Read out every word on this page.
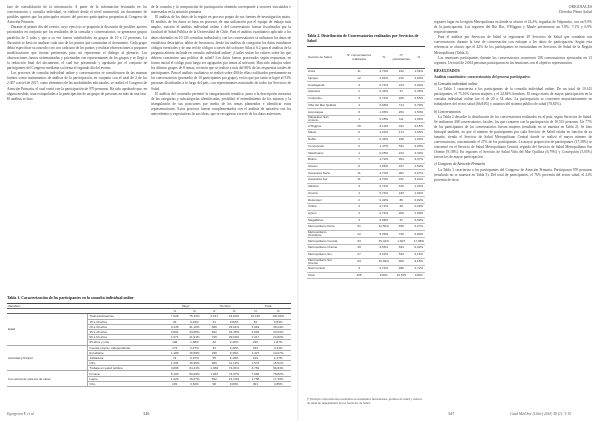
fase de consolidación de la información. A partir de la información levantada en los conversatorios y consulta individual, se elaboró desde el nivel ministerial, un documento de posibles aportes que los principales actores del proceso participativo proponían al Congreso de Atención Primaria.

Durante el primer día del evento, cuyo ejercicio se proponía la discusión de posibles aportes priorizados en conjunto por los resultados de la consulta y conversatorios, se generaron grupos paralelos de 5 salas y que a su vez fueron subdivididos en grupos de 10 a 12 personas. La discusión se basó en analizar cada uno de los puntos que constituían el documento. Cada grupo debía especificar su acuerdo o no con cada uno de los puntos y realizar observaciones o proponer modificaciones que fueran pertinentes para así representar el diálogo al plenario. Las observaciones fueron sistematizadas y priorizadas con representantes de los grupos y se llegó a la redacción final del documento, el cual fue presentado y aprobado por el conjunto de participantes del Congreso mediante su forma el segundo día del evento.

Los procesos de consulta individual online y conversatorios se consideraron de las mismas fuentes como instrumentos de análisis de la participación, en conjunto con el total de 2 de los 2.307 a nivel de 2017, como elementos de las modalidades adicionales, se realizó el Congreso de Atención Primaria, el cual contó con la participación de 970 personas. Ha sido aprobado que, en alguna medida, sean extrapoladas a la participación de un grupo de personas en más de una fase. El análisis se hizo

de la consulta y la composición de participación obtenida corresponde a sectores vinculados e interesados en la atención primaria.

El análisis de los datos de la región en proceso propio de sus fuentes de investigación mixto. El análisis de los datos se basa en procesos de una utilización por el equipo de trabajo más amplio, suscrito el análisis individual online y del conversatorio fueron fiscalizados por la facultad de Salud Pública de la Universidad de Chile. Para el análisis cuantitativo aplicado a los datos obtenidos en 10.145 consultas individual y con los conversatorios se utilizaron los datos de estadística descriptiva, tablas de frecuencia, desde los análisis de categorías los datos estudiaron códigos esenciales y de una red de códigos a través del software Atlas.ti 6.2 para el análisis de la pregunta abierta incluida en consulta individual online: ¿Cuáles serían los valores sobre los que debiera construirse una política de salud? Los datos fueron procesados según respuestas, en forma inicial el código para luego ser agrupados por temas al software. Han sido trabajos sobre los últimos grupos de 8 temas, revisión que se realizó a más del 80% de las respuestas totales de participantes. Para el análisis cualitativo se realizó sobre 400 de ellas codificados previamente en los conversatorios (promedio de 10 participantes por grupo), en los que por tanto se logró el 53% personas distribuidas a lo largo del país, con representantes nacionales de todos los Servicios de Salud.

El análisis del contenido permitió la categorización temática, junto a la descripción narrativa de las categorías y subcategorías identificadas, posibilitó el entendimiento de los mismos y la triangulación de sus posiciones por medio de los temas planteados e identificar estas representaciones. Estos procesos fueron complementados con el análisis de narrativa con los antecedentes y expectativas de sus ideas, que se recogieron a través de los datos anteriores.

Tabla 1. Caracterización de los participantes en la consulta individual online
Variables		Mujer		Hombre		Total	
		N	%	N	%	N	%
Edad	Total participantes	7.628	75,16%	2.517	24,84%	10.145	100,00%
	15 a 19 años	33	0,43%	21	0,83%	54	0,53%
	20 a 34 años	3.135	41,10%	846	33,61%	3.981	39,24%
	35 a 49 años	2.661	34,88%	842	33,45%	3.503	34,53%
	50 a 64 años	1.671	21,91%	746	29,64%	2.417	23,82%
	65 años y más	128	1,68%	62	2,46%	190	1,87%
Actividad principal	Cuenta propia / independiente	173	2,27%	61	2,42%	234	2,31%
	Estudiante	1.189	15,59%	238	9,46%	1.427	14,07%
	Jubilado/a	74	0,97%	55	2,19%	129	1,27%
	Otro	1.294	16,96%	280	11,12%	1.574	15,51%
	Trabaja en salud pública	4.898	64,21%	1.883	74,81%	6.781	66,84%
Uso actual de sistema de salud	Fonasa	6.109	80,09%	1.887	74,97%	7.996	78,82%
	Isapre	1.226	16,07%	532	21,14%	1.758	17,33%
	Otro	293	3,84%	98	3,89%	391	3,85%
Egorgeron F, et al	346
ORIGINALES
Derecho Pleno Salud

regiones lugar en la región Metropolitana en donde se obtuvo el 24,4%, seguidas de Valparaíso, con un 9,9% de la participación. Las regiones del Bío Bío, O'Higgins y Maule presentaron un 7,8%, 7,1% y 6,9% respectivamente.

Para el análisis por Servicios de Salud se registraron 29 Servicios de Salud que contaban con conversatorios durante la fase de conversación con enfoque a los datos de participación. Según esta referencia se obtuvo que el 42% de los participantes se encontraban en Servicios de Salud de la Región Metropolitana (Tabla 2).

Las reuniones participantes durante los conversatorios ocurrieron 108 conversatorios ejecutados en 13 regiones. Un total de 2.004 personas participaron en las reuniones con el objetivo representativo.

RESULTADOS

Análisis cuantitativo: caracterización del proceso participativo

a) Consulta individual online

La Tabla 1 caracteriza a los participantes de la consulta individual online. De un total de 10.145 participantes, el 75,16% fueron mujeres y el 24,84% hombres. El rango etario de mayor participación en la consulta individual online fue el de 20 a 34 años. La participación se concentró mayoritariamente en trabajadores del sector salud (66,84%) y usuarios del sistema público de salud (78,82%).

b) Conversatorios

La Tabla 2 describe la distribución de los conversatorios realizados en el país, según Servicios de Salud. Se realizaron 408 conversatorios locales, los que contaron con la participación de 10.515 personas. Un 77% de los participantes de los conversatorios fueron mujeres (resultado no se muestra en Tabla 2). Se hizo hincapié también, en que el número de participantes por cada Servicio de Salud estaba en función de su tamaño, siendo el Servicio de Salud Metropolitano Central donde se realizó el mayor número de conversatorios, concentrando el 27% de los participantes. La mayor proporción de participantes (17,38%) se concentró en el Servicio de Salud Metropolitano Central, seguido del Servicio de Salud Metropolitano Sur Oriente (9,18%). En regiones el Servicio de Salud Viña del Mar Quillota (6,79%) y Concepción (5,05%) fueron los de mayor participación.

c) Congreso de Atención Primaria

La Tabla 3 caracteriza a los participantes del Congreso de Atención Primaria. Participaron 970 personas (resultado no se muestra en Tabla 3). Del total de participantes, el 76% provenía del sector salud, el 22% provenía de otros

Tabla 2. Distribución de Conversatorios realizados por Servicios de Salud
Servicio de Salud	N° conversatorios realizados	%	N° participantes	%
Arica	11	2,70%	162	1,54%
Iquique	12	2,94%	216	2,05%
Antofagasta	3	0,74%	214	2,04%
Atacama	2	0,49%	37	0,35%
Coquimbo	3	0,74%	268	2,55%
Viña del Mar Quillota	4	0,98%	714	6,79%
Aconcagua	8	1,96%	263	2,50%
Valparaíso San Antonio	1	0,25%	111	1,06%
O'Higgins	25	6,13%	331	3,15%
Maule	5	1,23%	174	1,65%
Ñuble	2	0,49%	108	1,03%
Concepción	6	1,47%	531	5,05%
Talcahuano	1	0,25%	244	2,32%
Biobío	7	1,72%	354	3,37%
Arauco	8	1,96%	167	1,59%
Araucanía Norte	11	2,70%	281	2,67%
Araucanía Sur	11	2,70%	341	3,24%
Valdivia	3	0,74%	109	1,04%
Osorno	3	0,74%	193	1,84%
Reloncaví	2	0,49%	86	0,82%
Chiloé	3	0,74%	66	0,63%
Aysén	3	0,74%	209	1,99%
Magallanes	4	0,98%	97	0,92%
Metropolitano Norte	51	12,50%	659	6,27%
Metropolitano Occidente	22	5,39%	726	6,90%
Metropolitano Central	63	15,44%	1.827	17,38%
Metropolitano Oriente	39	9,56%	633	6,02%
Metropolitano Sur	27	6,62%	543	5,16%
Metropolitano Sur Oriente	64	15,69%	965	9,18%
Nivel central	3	0,74%	286	2,72%
Total	408	100%	10.515	100%
(*) Incluye conversatorios realizados en estamentos funcionarios, gremios de salud y centros de salud no dependientes de los Servicios de Salud.
Cuad Méd Soc (Chile) 2018, 58 (1): 3-10
347
